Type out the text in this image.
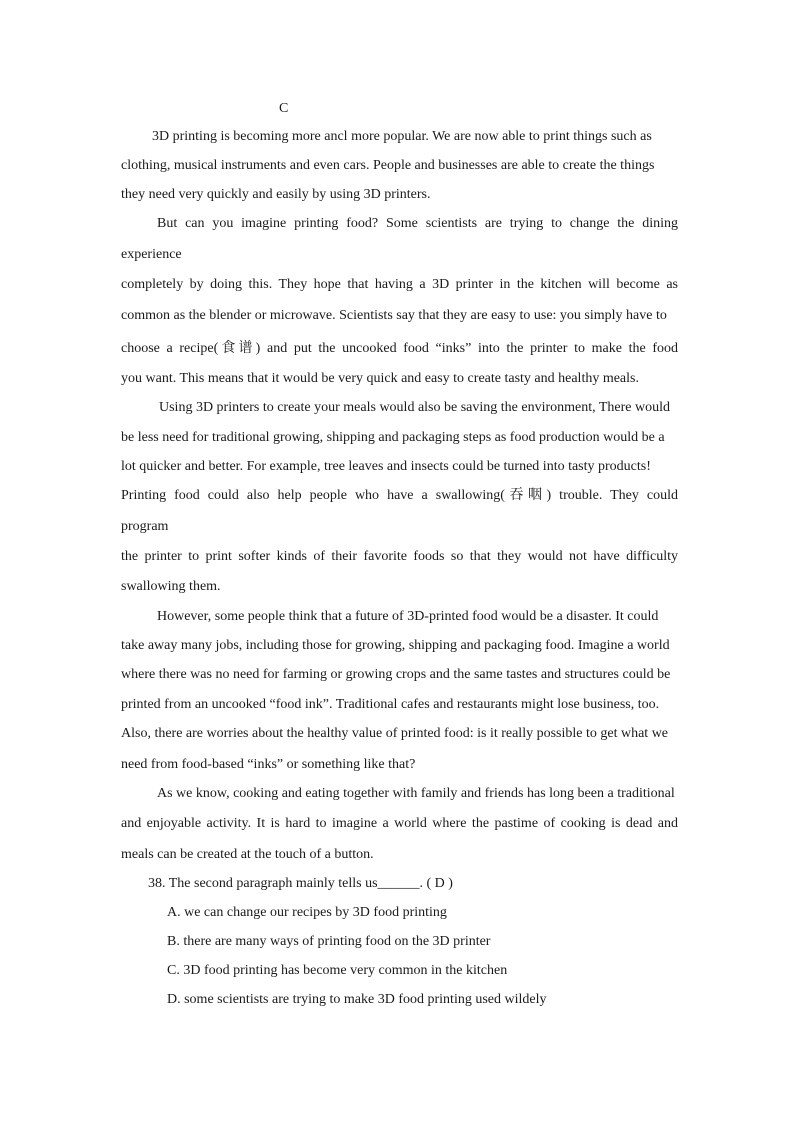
C
3D printing is becoming more ancl more popular. We are now able to print things such as
clothing, musical instruments and even cars. People and businesses are able to create the things
they need very quickly and easily by using 3D printers.
But can you imagine printing food? Some scientists are trying to change the dining
experience
completely by doing this. They hope that having a 3D printer in the kitchen will become as
common as the blender or microwave. Scientists say that they are easy to use: you simply have to
choose a recipe(食谱) and put the uncooked food “inks” into the printer to make the food
you want. This means that it would be very quick and easy to create tasty and healthy meals.
Using 3D printers to create your meals would also be saving the environment, There would
be less need for traditional growing, shipping and packaging steps as food production would be a
lot quicker and better. For example, tree leaves and insects could be turned into tasty products!
Printing food could also help people who have a swallowing(吞咽) trouble. They could
program
the printer to print softer kinds of their favorite foods so that they would not have difficulty
swallowing them.
However, some people think that a future of 3D-printed food would be a disaster. It could
take away many jobs, including those for growing, shipping and packaging food. Imagine a world
where there was no need for farming or growing crops and the same tastes and structures could be
printed from an uncooked “food ink”. Traditional cafes and restaurants might lose business, too.
Also, there are worries about the healthy value of printed food: is it really possible to get what we
need from food-based “inks” or something like that?
As we know, cooking and eating together with family and friends has long been a traditional
and enjoyable activity. It is hard to imagine a world where the pastime of cooking is dead and
meals can be created at the touch of a button.
38. The second paragraph mainly tells us______. ( D )
A. we can change our recipes by 3D food printing
B. there are many ways of printing food on the 3D printer
C. 3D food printing has become very common in the kitchen
D. some scientists are trying to make 3D food printing used wildely
